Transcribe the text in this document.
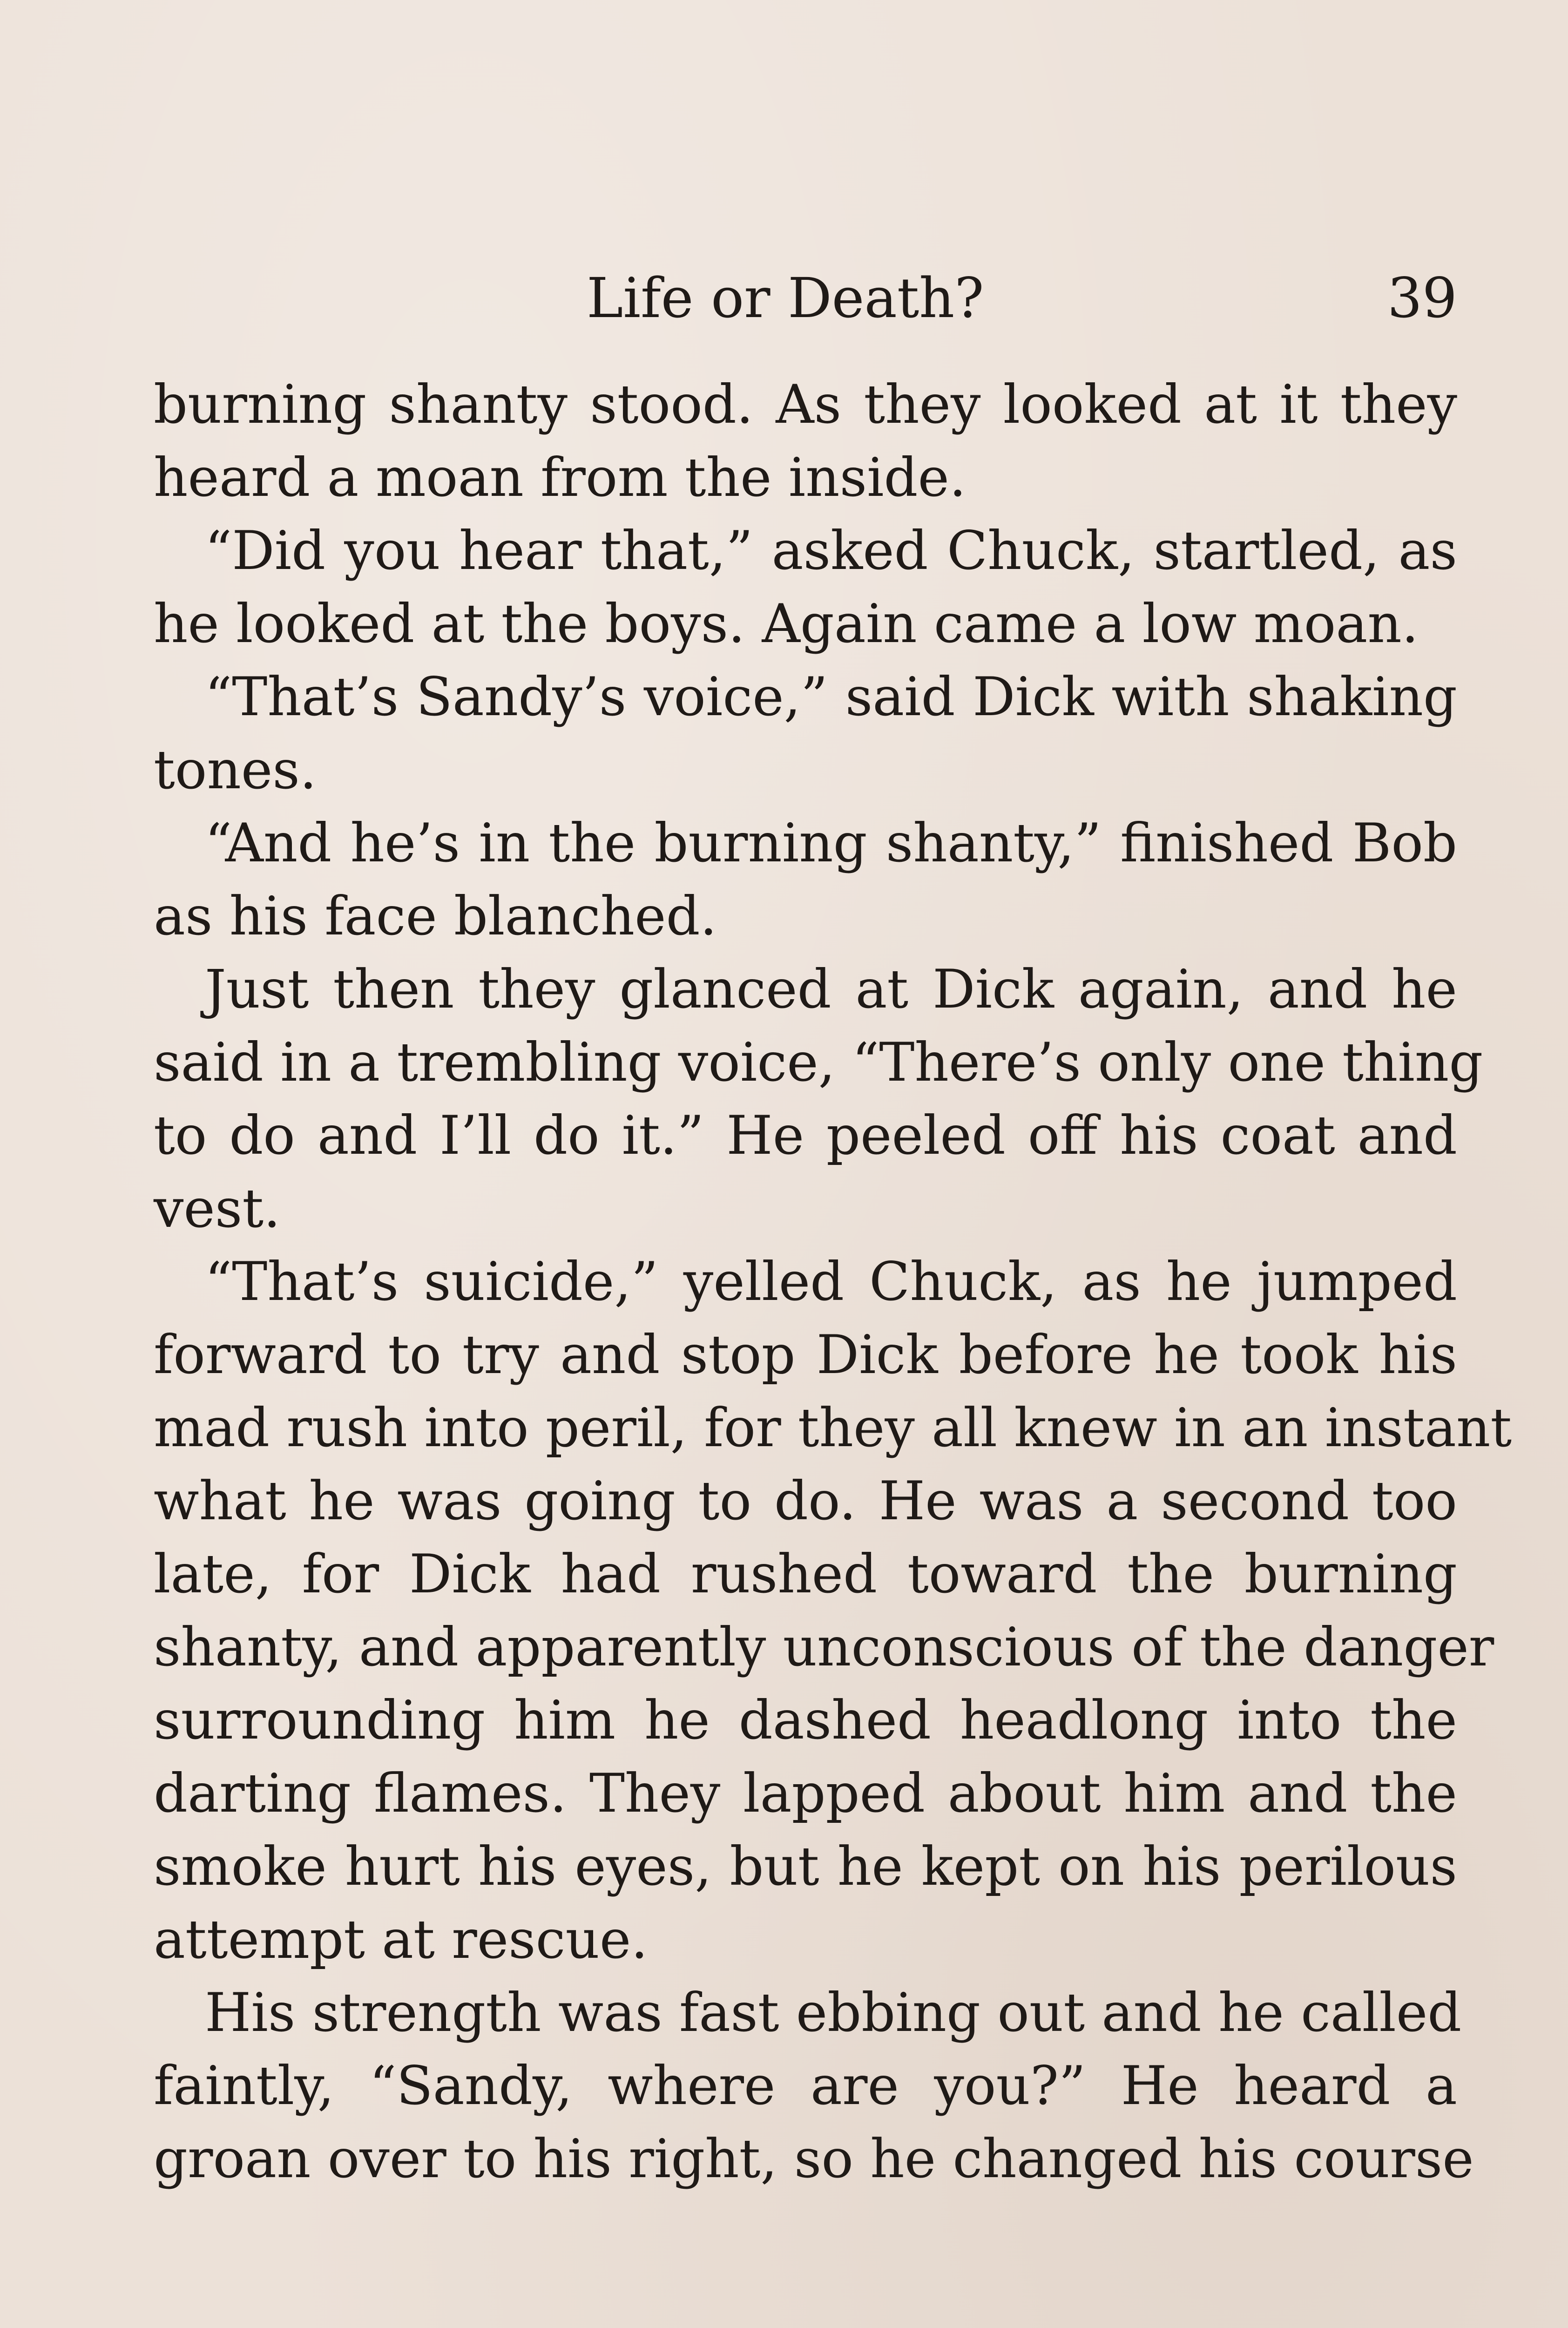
Life or Death?	39
burning shanty stood. As they looked at it they
heard a moan from the inside.
“Did you hear that,” asked Chuck, startled, as
he looked at the boys. Again came a low moan.
“That’s Sandy’s voice,” said Dick with shaking
tones.
“And he’s in the burning shanty,” finished Bob
as his face blanched.
Just then they glanced at Dick again, and he
said in a trembling voice, “There’s only one thing
to do and I’ll do it.” He peeled off his coat and
vest.
“That’s suicide,” yelled Chuck, as he jumped
forward to try and stop Dick before he took his
mad rush into peril, for they all knew in an instant
what he was going to do. He was a second too
late, for Dick had rushed toward the burning
shanty, and apparently unconscious of the danger
surrounding him he dashed headlong into the
darting flames. They lapped about him and the
smoke hurt his eyes, but he kept on his perilous
attempt at rescue.
His strength was fast ebbing out and he called
faintly, “Sandy, where are you?” He heard a
groan over to his right, so he changed his course
